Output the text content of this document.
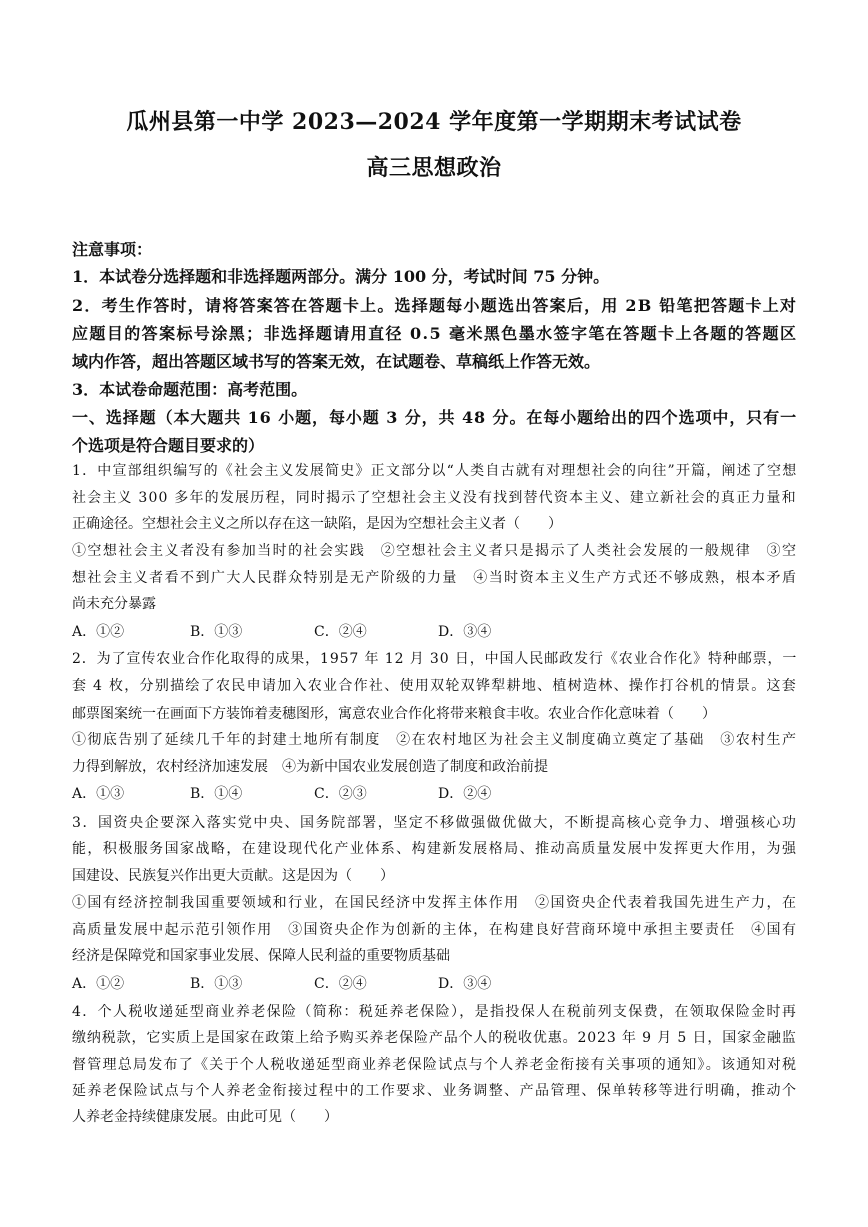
瓜州县第一中学 2023—2024 学年度第一学期期末考试试卷
高三思想政治
注意事项：
1．本试卷分选择题和非选择题两部分。满分 100 分，考试时间 75 分钟。
2．考生作答时，请将答案答在答题卡上。选择题每小题选出答案后，用 2B 铅笔把答题卡上对
应题目的答案标号涂黑；非选择题请用直径 0.5 毫米黑色墨水签字笔在答题卡上各题的答题区
域内作答，超出答题区域书写的答案无效，在试题卷、草稿纸上作答无效。
3．本试卷命题范围：高考范围。
一、选择题（本大题共 16 小题，每小题 3 分，共 48 分。在每小题给出的四个选项中，只有一
个选项是符合题目要求的）
1．中宣部组织编写的《社会主义发展简史》正文部分以“人类自古就有对理想社会的向往”开篇，阐述了空想
社会主义 300 多年的发展历程，同时揭示了空想社会主义没有找到替代资本主义、建立新社会的真正力量和
正确途径。空想社会主义之所以存在这一缺陷，是因为空想社会主义者（　　）
①空想社会主义者没有参加当时的社会实践　②空想社会主义者只是揭示了人类社会发展的一般规律　③空
想社会主义者看不到广大人民群众特别是无产阶级的力量　④当时资本主义生产方式还不够成熟，根本矛盾
尚未充分暴露
A．①②	B．①③	C．②④	D．③④
2．为了宣传农业合作化取得的成果，1957 年 12 月 30 日，中国人民邮政发行《农业合作化》特种邮票，一
套 4 枚，分别描绘了农民申请加入农业合作社、使用双轮双铧犁耕地、植树造林、操作打谷机的情景。这套
邮票图案统一在画面下方装饰着麦穗图形，寓意农业合作化将带来粮食丰收。农业合作化意味着（　　）
①彻底告别了延续几千年的封建土地所有制度　②在农村地区为社会主义制度确立奠定了基础　③农村生产
力得到解放，农村经济加速发展　④为新中国农业发展创造了制度和政治前提
A．①③	B．①④	C．②③	D．②④
3．国资央企要深入落实党中央、国务院部署，坚定不移做强做优做大，不断提高核心竞争力、增强核心功
能，积极服务国家战略，在建设现代化产业体系、构建新发展格局、推动高质量发展中发挥更大作用，为强
国建设、民族复兴作出更大贡献。这是因为（　　）
①国有经济控制我国重要领域和行业，在国民经济中发挥主体作用　②国资央企代表着我国先进生产力，在
高质量发展中起示范引领作用　③国资央企作为创新的主体，在构建良好营商环境中承担主要责任　④国有
经济是保障党和国家事业发展、保障人民利益的重要物质基础
A．①②	B．①③	C．②④	D．③④
4．个人税收递延型商业养老保险（简称：税延养老保险），是指投保人在税前列支保费，在领取保险金时再
缴纳税款，它实质上是国家在政策上给予购买养老保险产品个人的税收优惠。2023 年 9 月 5 日，国家金融监
督管理总局发布了《关于个人税收递延型商业养老保险试点与个人养老金衔接有关事项的通知》。该通知对税
延养老保险试点与个人养老金衔接过程中的工作要求、业务调整、产品管理、保单转移等进行明确，推动个
人养老金持续健康发展。由此可见（　　）
